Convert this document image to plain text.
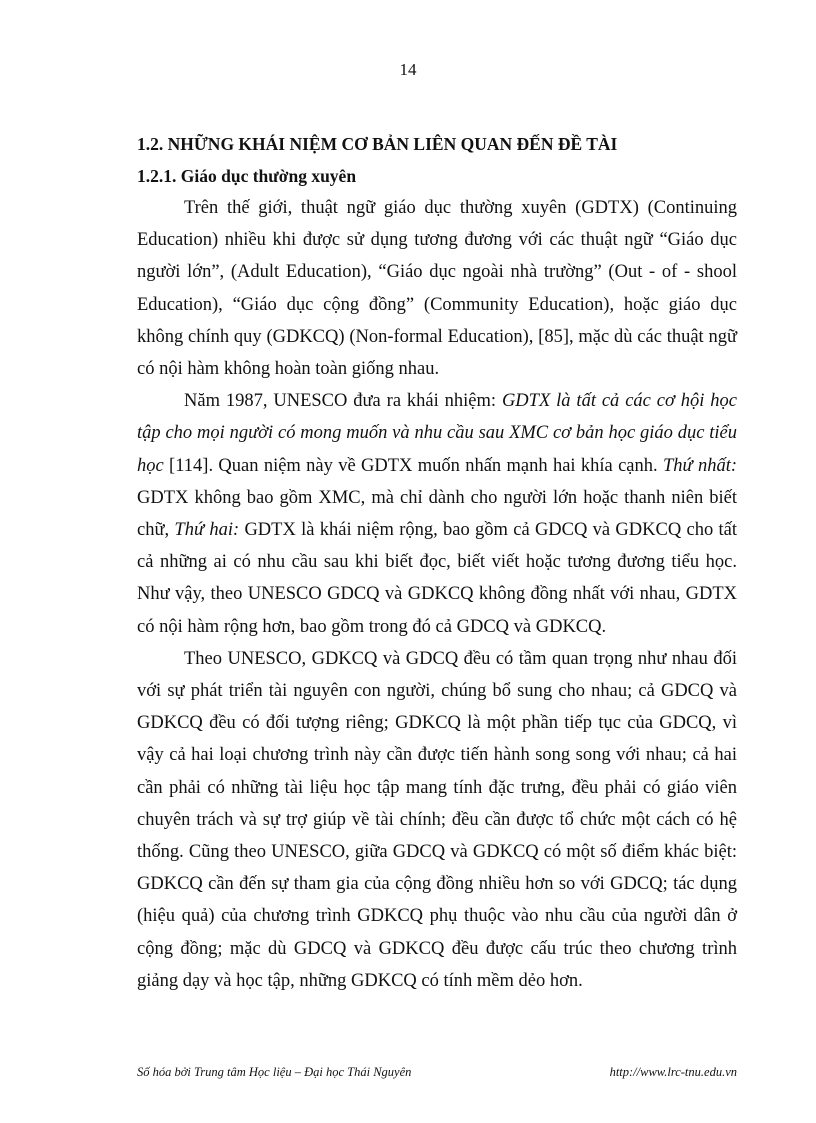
14
1.2. NHỮNG KHÁI NIỆM CƠ BẢN LIÊN QUAN ĐẾN ĐỀ TÀI
1.2.1. Giáo dục thường xuyên

Trên thế giới, thuật ngữ giáo dục thường xuyên (GDTX) (Continuing Education) nhiều khi được sử dụng tương đương với các thuật ngữ “Giáo dục người lớn”, (Adult Education), “Giáo dục ngoài nhà trường” (Out - of - shool Education), “Giáo dục cộng đồng” (Community Education), hoặc giáo dục không chính quy (GDKCQ) (Non-formal Education), [85], mặc dù các thuật ngữ có nội hàm không hoàn toàn giống nhau.

Năm 1987, UNESCO đưa ra khái nhiệm: GDTX là tất cả các cơ hội học tập cho mọi người có mong muốn và nhu cầu sau XMC cơ bản học giáo dục tiểu học [114]. Quan niệm này về GDTX muốn nhấn mạnh hai khía cạnh. Thứ nhất: GDTX không bao gồm XMC, mà chỉ dành cho người lớn hoặc thanh niên biết chữ, Thứ hai: GDTX là khái niệm rộng, bao gồm cả GDCQ và GDKCQ cho tất cả những ai có nhu cầu sau khi biết đọc, biết viết hoặc tương đương tiểu học. Như vậy, theo UNESCO GDCQ và GDKCQ không đồng nhất với nhau, GDTX có nội hàm rộng hơn, bao gồm trong đó cả GDCQ và GDKCQ.

Theo UNESCO, GDKCQ và GDCQ đều có tầm quan trọng như nhau đối với sự phát triển tài nguyên con người, chúng bổ sung cho nhau; cả GDCQ và GDKCQ đều có đối tượng riêng; GDKCQ là một phần tiếp tục của GDCQ, vì vậy cả hai loại chương trình này cần được tiến hành song song với nhau; cả hai cần phải có những tài liệu học tập mang tính đặc trưng, đều phải có giáo viên chuyên trách và sự trợ giúp về tài chính; đều cần được tổ chức một cách có hệ thống. Cũng theo UNESCO, giữa GDCQ và GDKCQ có một số điểm khác biệt: GDKCQ cần đến sự tham gia của cộng đồng nhiều hơn so với GDCQ; tác dụng (hiệu quả) của chương trình GDKCQ phụ thuộc vào nhu cầu của người dân ở cộng đồng; mặc dù GDCQ và GDKCQ đều được cấu trúc theo chương trình giảng dạy và học tập, những GDKCQ có tính mềm dẻo hơn.

Số hóa bởi Trung tâm Học liệu – Đại học Thái Nguyên	http://www.lrc-tnu.edu.vn
